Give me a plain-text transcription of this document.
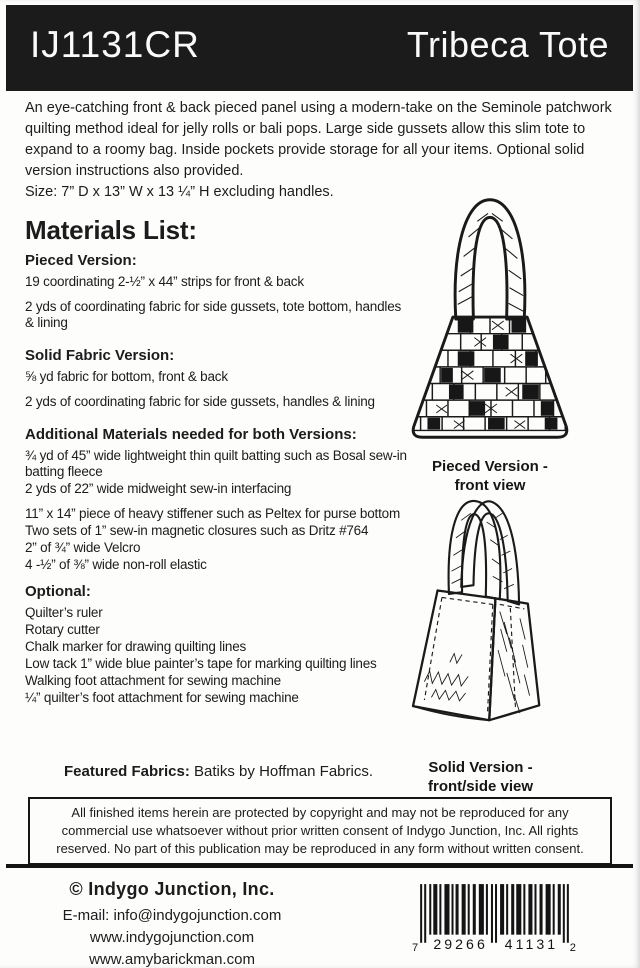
IJ1131CR	Tribeca Tote

An eye-catching front & back pieced panel using a modern-take on the Seminole patchwork quilting method ideal for jelly rolls or bali pops. Large side gussets allow this slim tote to expand to a roomy bag. Inside pockets provide storage for all your items. Optional solid version instructions also provided.

Size: 7” D x 13” W x 13 ¼” H excluding handles.

Materials List:
Pieced Version:

19 coordinating 2-½” x 44” strips for front & back

2 yds of coordinating fabric for side gussets, tote bottom, handles & lining

Solid Fabric Version:

⅝ yd fabric for bottom, front & back

2 yds of coordinating fabric for side gussets, handles & lining

Additional Materials needed for both Versions:

¾ yd of 45” wide lightweight thin quilt batting such as Bosal sew-in batting fleece

2 yds of 22” wide midweight sew-in interfacing

11” x 14” piece of heavy stiffener such as Peltex for purse bottom

Two sets of 1” sew-in magnetic closures such as Dritz #764

2” of ¾” wide Velcro

4 -½” of ⅜” wide non-roll elastic

Optional:

Quilter’s ruler

Rotary cutter

Chalk marker for drawing quilting lines

Low tack 1” wide blue painter’s tape for marking quilting lines

Walking foot attachment for sewing machine

¼” quilter’s foot attachment for sewing machine

Pieced Version -
front view
Solid Version -
front/side view

Featured Fabrics: Batiks by Hoffman Fabrics.

All finished items herein are protected by copyright and may not be reproduced for any commercial use whatsoever without prior written consent of Indygo Junction, Inc. All rights reserved. No part of this publication may be reproduced in any form without written consent.
© Indygo Junction, Inc.
E-mail: info@indygojunction.com
www.indygojunction.com
www.amybarickman.com
7 29266 41131 2
